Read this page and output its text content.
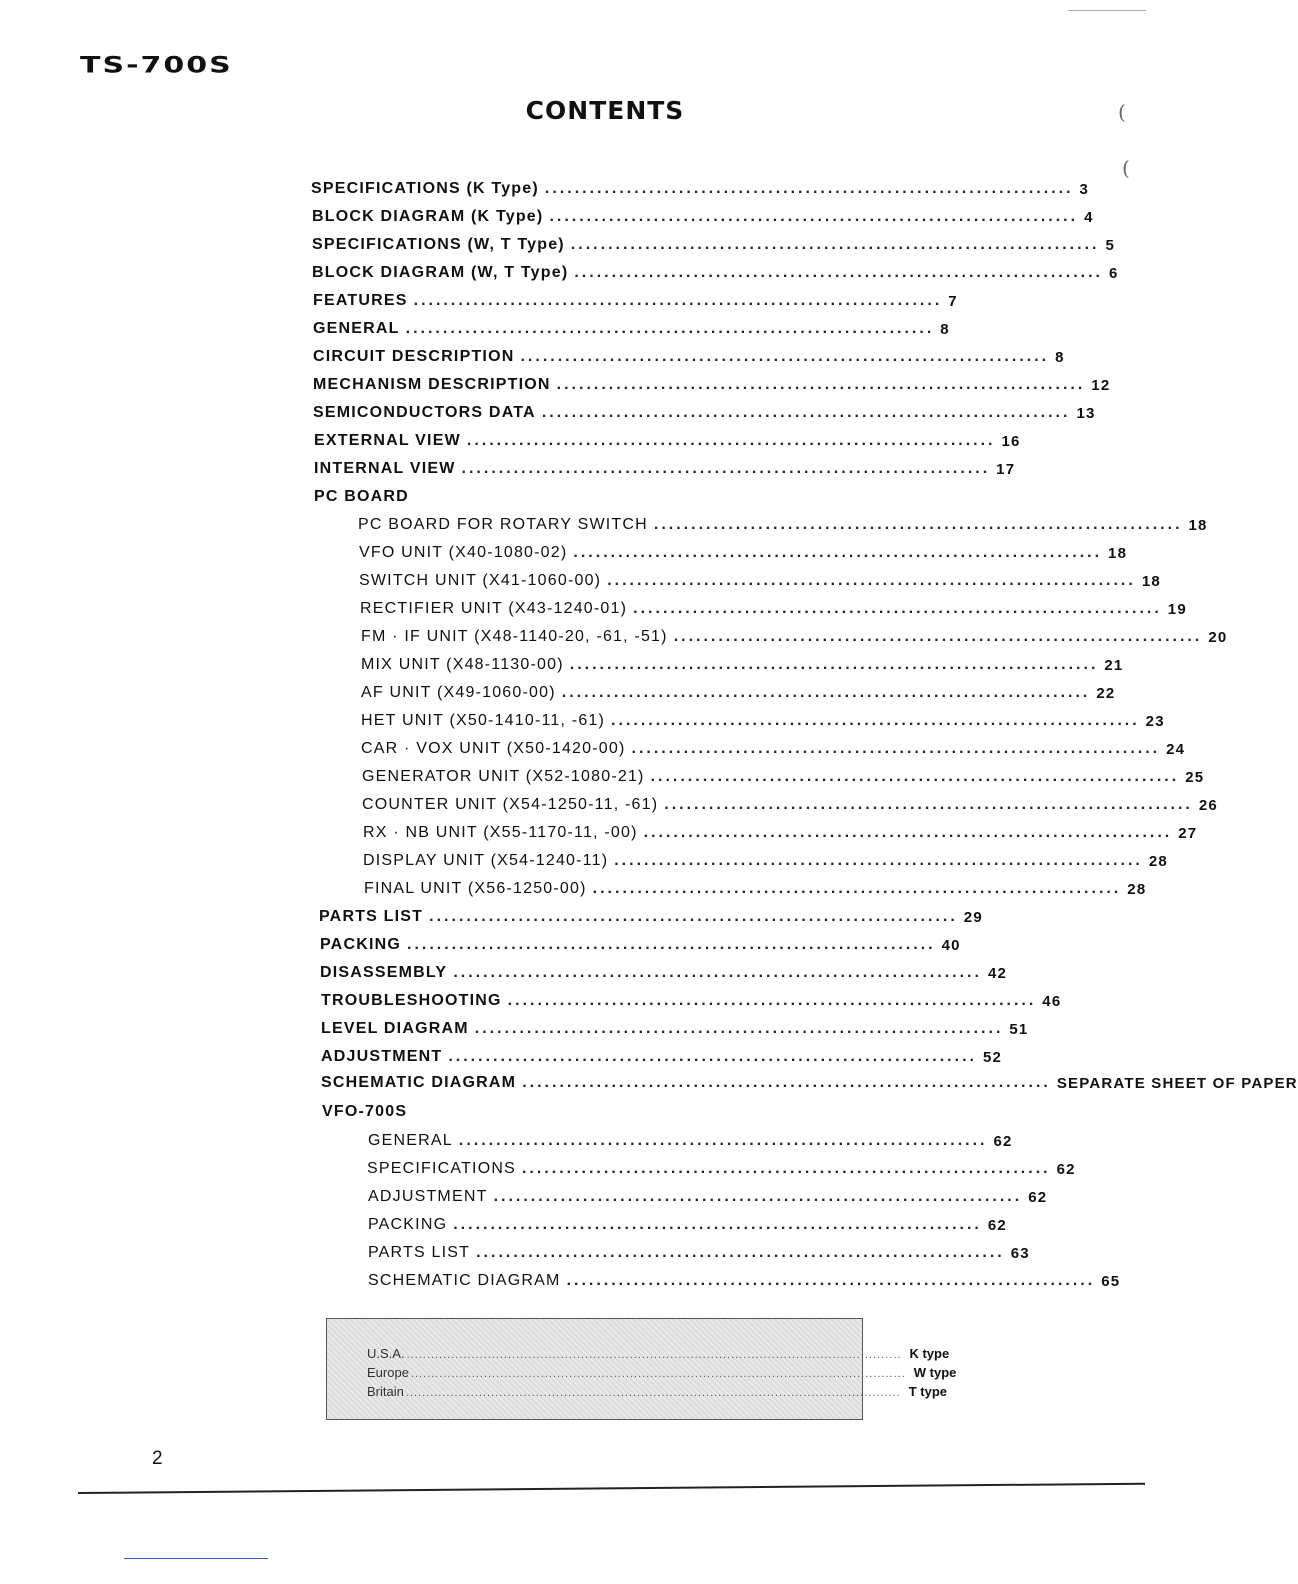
TS-700S
CONTENTS	(
(
SPECIFICATIONS (K Type) ....................................................................... 3
BLOCK DIAGRAM (K Type) ....................................................................... 4
SPECIFICATIONS (W, T Type) ....................................................................... 5
BLOCK DIAGRAM (W, T Type) ....................................................................... 6
FEATURES ....................................................................... 7
GENERAL ....................................................................... 8
CIRCUIT DESCRIPTION ....................................................................... 8
MECHANISM DESCRIPTION ....................................................................... 12
SEMICONDUCTORS DATA ....................................................................... 13
EXTERNAL VIEW ....................................................................... 16
INTERNAL VIEW ....................................................................... 17
PC BOARD
PC BOARD FOR ROTARY SWITCH ....................................................................... 18
VFO UNIT (X40-1080-02) ....................................................................... 18
SWITCH UNIT (X41-1060-00) ....................................................................... 18
RECTIFIER UNIT (X43-1240-01) ....................................................................... 19
FM · IF UNIT (X48-1140-20, -61, -51) ....................................................................... 20
MIX UNIT (X48-1130-00) ....................................................................... 21
AF UNIT (X49-1060-00) ....................................................................... 22
HET UNIT (X50-1410-11, -61) ....................................................................... 23
CAR · VOX UNIT (X50-1420-00) ....................................................................... 24
GENERATOR UNIT (X52-1080-21) ....................................................................... 25
COUNTER UNIT (X54-1250-11, -61) ....................................................................... 26
RX · NB UNIT (X55-1170-11, -00) ....................................................................... 27
DISPLAY UNIT (X54-1240-11) ....................................................................... 28
FINAL UNIT (X56-1250-00) ....................................................................... 28
PARTS LIST ....................................................................... 29
PACKING ....................................................................... 40
DISASSEMBLY ....................................................................... 42
TROUBLESHOOTING ....................................................................... 46
LEVEL DIAGRAM ....................................................................... 51
ADJUSTMENT ....................................................................... 52
SCHEMATIC DIAGRAM ....................................................................... SEPARATE SHEET OF PAPER
VFO-700S
GENERAL ....................................................................... 62
SPECIFICATIONS ....................................................................... 62
ADJUSTMENT ....................................................................... 62
PACKING ....................................................................... 62
PARTS LIST ....................................................................... 63
SCHEMATIC DIAGRAM ....................................................................... 65
U.S.A. .......................................................................................................................... K type
Europe .......................................................................................................................... W type
Britain .......................................................................................................................... T type
2
